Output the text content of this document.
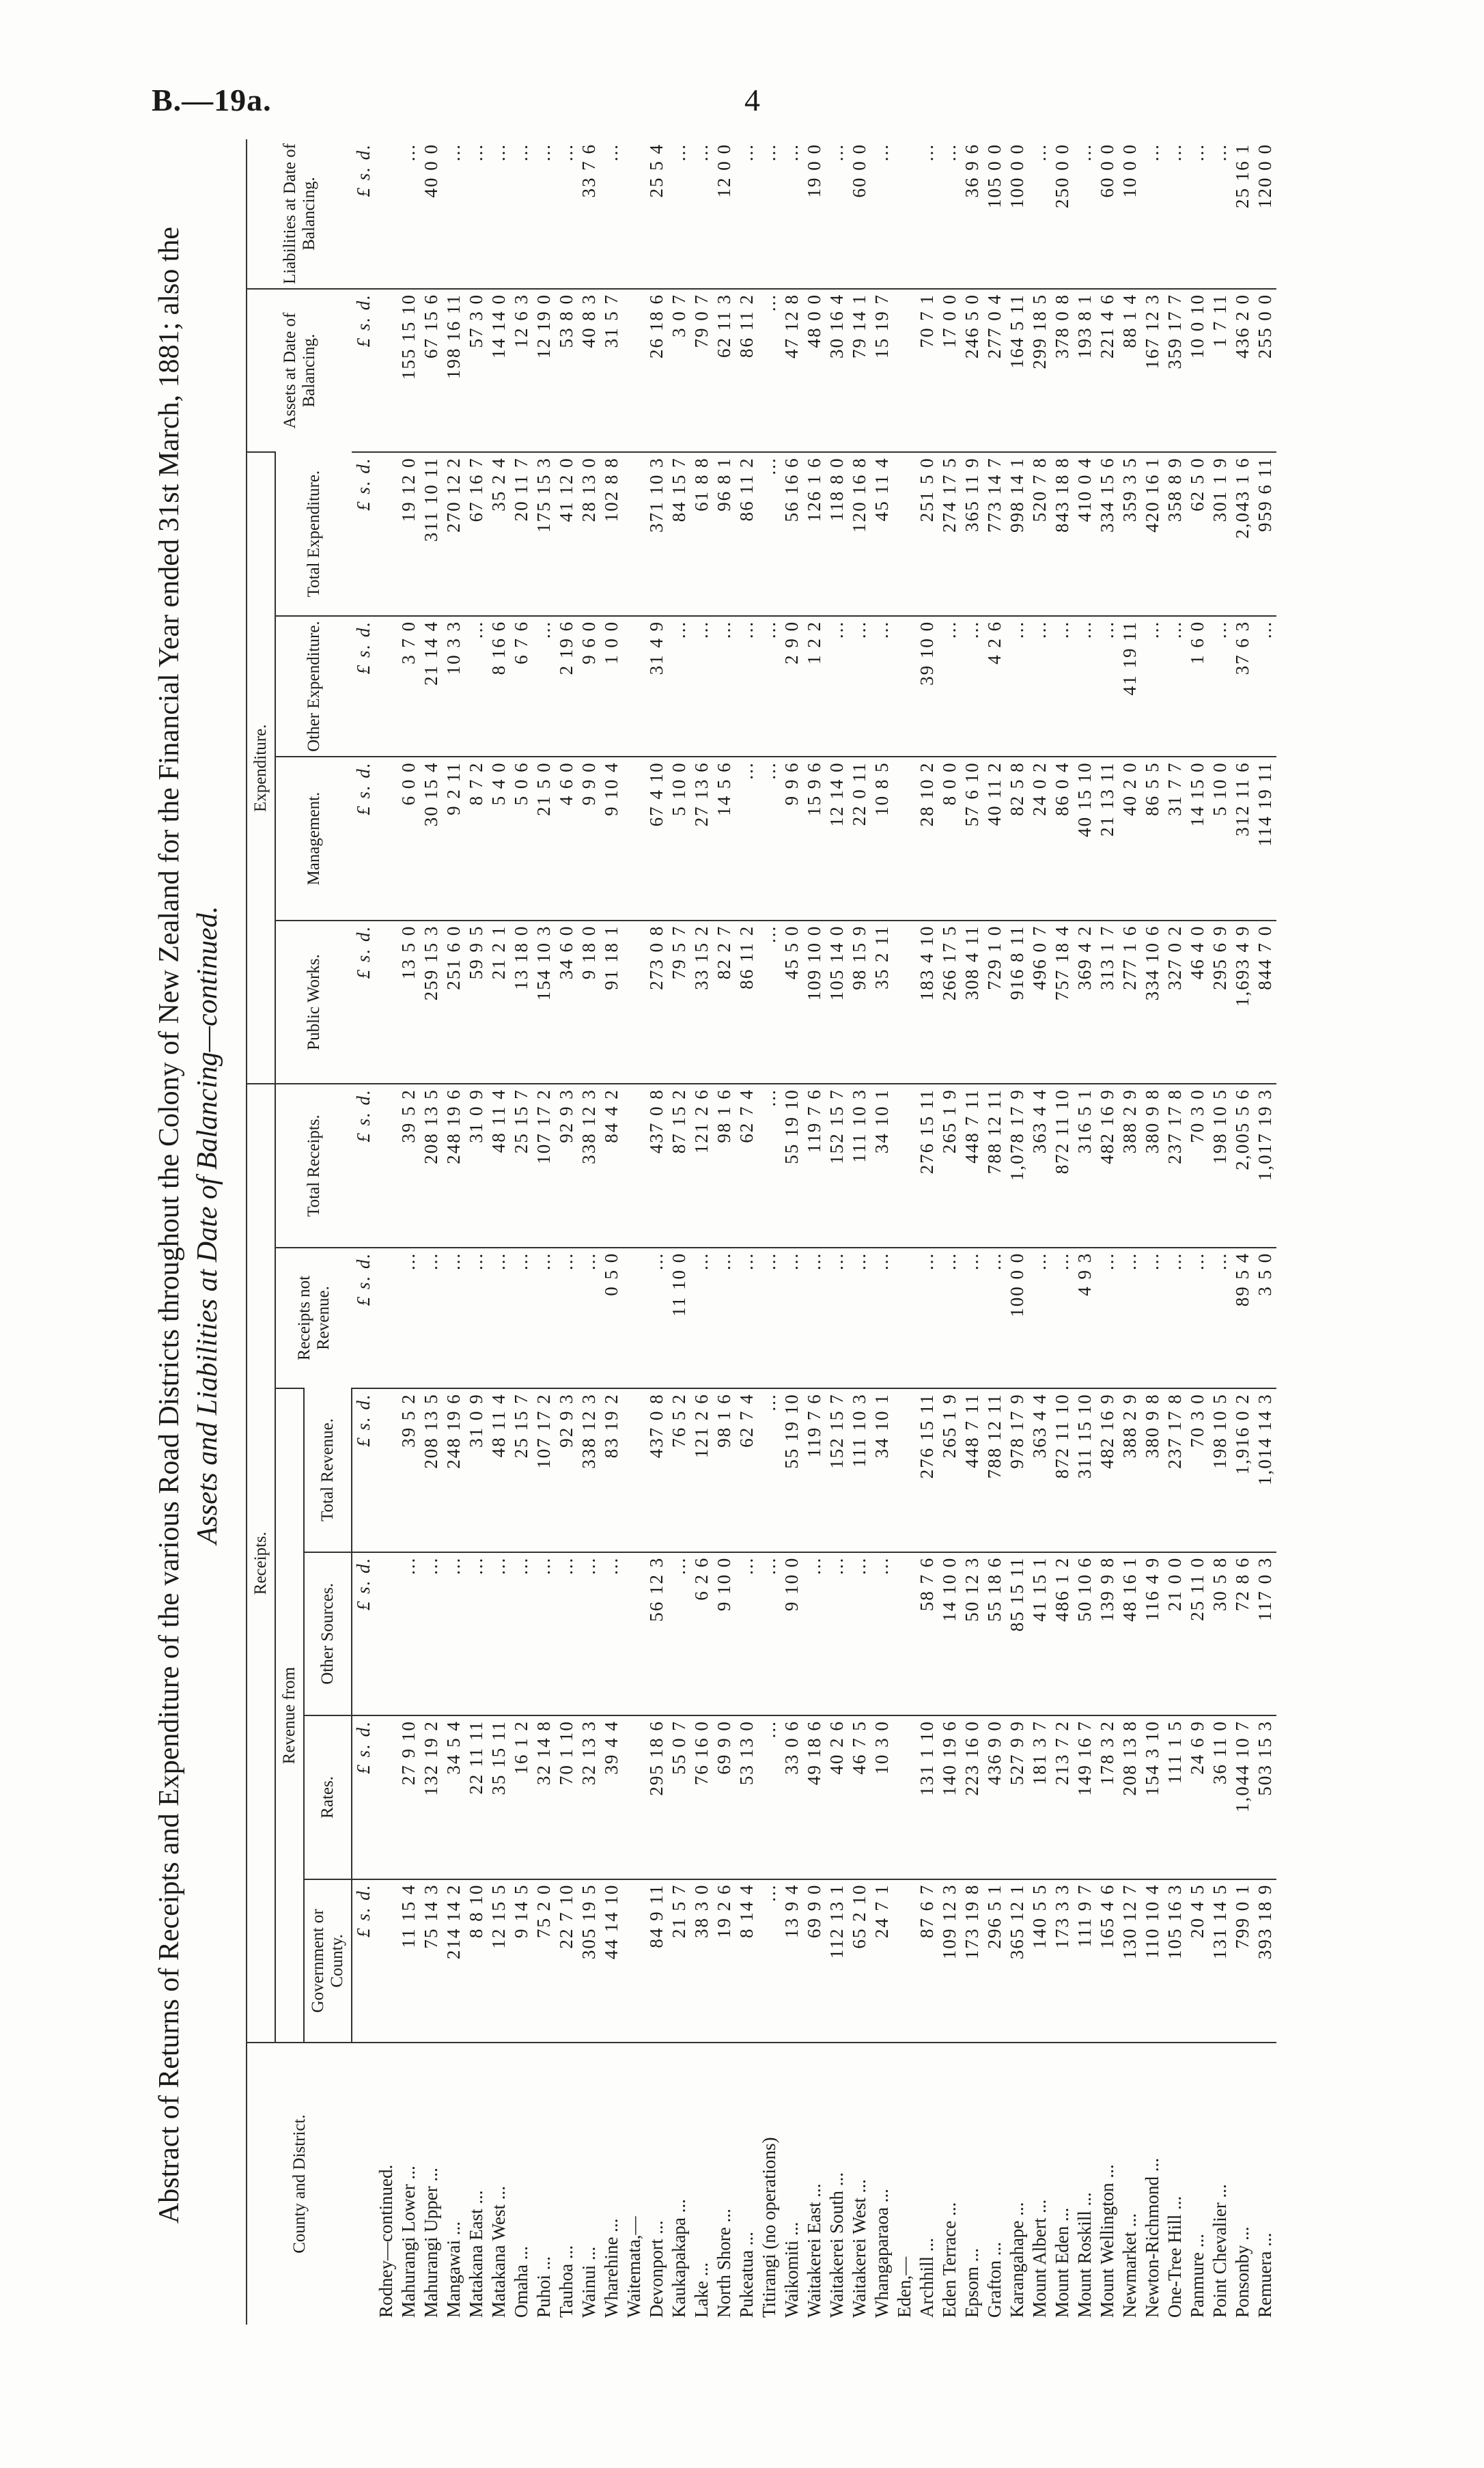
B.—19a.	4
Abstract of Returns of Receipts and Expenditure of the various Road Districts throughout the Colony of New Zealand for the Financial Year ended 31st March, 1881; also the Assets and Liabilities at Date of Balancing—continued.
County and District.	Receipts.						Expenditure.				Assets at Date of Balancing.	Liabilities at Date of Balancing.
	Revenue from				Receipts not Revenue.	Total Receipts.	Public Works.	Management.	Other Expenditure.	Total Expenditure.		
	Government or County.	Rates.	Other Sources.	Total Revenue.								
	£ s. d.	£ s. d.	£ s. d.	£ s. d.	£ s. d.	£ s. d.	£ s. d.	£ s. d.	£ s. d.	£ s. d.	£ s. d.	£ s. d.
Rodney—continued.												
Mahurangi Lower ...	11 15 4	27 9 10	...	39 5 2	...	39 5 2	13 5 0	6 0 0	3 7 0	19 12 0	155 15 10	...
Mahurangi Upper ...	75 14 3	132 19 2	...	208 13 5	...	208 13 5	259 15 3	30 15 4	21 14 4	311 10 11	67 15 6	40 0 0
Mangawai ...	214 14 2	34 5 4	...	248 19 6	...	248 19 6	251 6 0	9 2 11	10 3 3	270 12 2	198 16 11	...
Matakana East ...	8 8 10	22 11 11	...	31 0 9	...	31 0 9	59 9 5	8 7 2	...	67 16 7	57 3 0	...
Matakana West ...	12 15 5	35 15 11	...	48 11 4	...	48 11 4	21 2 1	5 4 0	8 16 6	35 2 4	14 14 0	...
Omaha ...	9 14 5	16 1 2	...	25 15 7	...	25 15 7	13 18 0	5 0 6	6 7 6	20 11 7	12 6 3	...
Puhoi ...	75 2 0	32 14 8	...	107 17 2	...	107 17 2	154 10 3	21 5 0	...	175 15 3	12 19 0	...
Tauhoa ...	22 7 10	70 1 10	...	92 9 3	...	92 9 3	34 6 0	4 6 0	2 19 6	41 12 0	53 8 0	...
Wainui ...	305 19 5	32 13 3	...	338 12 3	...	338 12 3	9 18 0	9 9 0	9 6 0	28 13 0	40 8 3	33 7 6
Wharehine ...	44 14 10	39 4 4	...	83 19 2	0 5 0	84 4 2	91 18 1	9 10 4	1 0 0	102 8 8	31 5 7	...
Waitemata,—												
Devonport ...	84 9 11	295 18 6	56 12 3	437 0 8	...	437 0 8	273 0 8	67 4 10	31 4 9	371 10 3	26 18 6	25 5 4
Kaukapakapa ...	21 5 7	55 0 7	...	76 5 2	11 10 0	87 15 2	79 5 7	5 10 0	...	84 15 7	3 0 7	...
Lake ...	38 3 0	76 16 0	6 2 6	121 2 6	...	121 2 6	33 15 2	27 13 6	...	61 8 8	79 0 7	...
North Shore ...	19 2 6	69 9 0	9 10 0	98 1 6	...	98 1 6	82 2 7	14 5 6	...	96 8 1	62 11 3	12 0 0
Pukeatua ...	8 14 4	53 13 0	...	62 7 4	...	62 7 4	86 11 2	...	...	86 11 2	86 11 2	...
Titirangi (no operations)	...	...	...	...	...	...	...	...	...	...	...	...
Waikomiti ...	13 9 4	33 0 6	9 10 0	55 19 10	...	55 19 10	45 5 0	9 9 6	2 9 0	56 16 6	47 12 8	...
Waitakerei East ...	69 9 0	49 18 6	...	119 7 6	...	119 7 6	109 10 0	15 9 6	1 2 2	126 1 6	48 0 0	19 0 0
Waitakerei South ...	112 13 1	40 2 6	...	152 15 7	...	152 15 7	105 14 0	12 14 0	...	118 8 0	30 16 4	...
Waitakerei West ...	65 2 10	46 7 5	...	111 10 3	...	111 10 3	98 15 9	22 0 11	...	120 16 8	79 14 1	60 0 0
Whangaparaoa ...	24 7 1	10 3 0	...	34 10 1	...	34 10 1	35 2 11	10 8 5	...	45 11 4	15 19 7	...
Eden,—												
Archhill ...	87 6 7	131 1 10	58 7 6	276 15 11	...	276 15 11	183 4 10	28 10 2	39 10 0	251 5 0	70 7 1	...
Eden Terrace ...	109 12 3	140 19 6	14 10 0	265 1 9	...	265 1 9	266 17 5	8 0 0	...	274 17 5	17 0 0	...
Epsom ...	173 19 8	223 16 0	50 12 3	448 7 11	...	448 7 11	308 4 11	57 6 10	...	365 11 9	246 5 0	36 9 6
Grafton ...	296 5 1	436 9 0	55 18 6	788 12 11	...	788 12 11	729 1 0	40 11 2	4 2 6	773 14 7	277 0 4	105 0 0
Karangahape ...	365 12 1	527 9 9	85 15 11	978 17 9	100 0 0	1,078 17 9	916 8 11	82 5 8	...	998 14 1	164 5 11	100 0 0
Mount Albert ...	140 5 5	181 3 7	41 15 1	363 4 4	...	363 4 4	496 0 7	24 0 2	...	520 7 8	299 18 5	...
Mount Eden ...	173 3 3	213 7 2	486 1 2	872 11 10	...	872 11 10	757 18 4	86 0 4	...	843 18 8	378 0 8	250 0 0
Mount Roskill ...	111 9 7	149 16 7	50 10 6	311 15 10	4 9 3	316 5 1	369 4 2	40 15 10	...	410 0 4	193 8 1	...
Mount Wellington ...	165 4 6	178 3 2	139 9 8	482 16 9	...	482 16 9	313 1 7	21 13 11	...	334 15 6	221 4 6	60 0 0
Newmarket ...	130 12 7	208 13 8	48 16 1	388 2 9	...	388 2 9	277 1 6	40 2 0	41 19 11	359 3 5	88 1 4	10 0 0
Newton-Richmond ...	110 10 4	154 3 10	116 4 9	380 9 8	...	380 9 8	334 10 6	86 5 5	...	420 16 1	167 12 3	...
One-Tree Hill ...	105 16 3	111 1 5	21 0 0	237 17 8	...	237 17 8	327 0 2	31 7 7	...	358 8 9	359 17 7	...
Panmure ...	20 4 5	24 6 9	25 11 0	70 3 0	...	70 3 0	46 4 0	14 15 0	1 6 0	62 5 0	10 0 10	...
Point Chevalier ...	131 14 5	36 11 0	30 5 8	198 10 5	...	198 10 5	295 6 9	5 10 0	...	301 1 9	1 7 11	...
Ponsonby ...	799 0 1	1,044 10 7	72 8 6	1,916 0 2	89 5 4	2,005 5 6	1,693 4 9	312 11 6	37 6 3	2,043 1 6	436 2 0	25 16 1
Remuera ...	393 18 9	503 15 3	117 0 3	1,014 14 3	3 5 0	1,017 19 3	844 7 0	114 19 11	...	959 6 11	255 0 0	120 0 0
